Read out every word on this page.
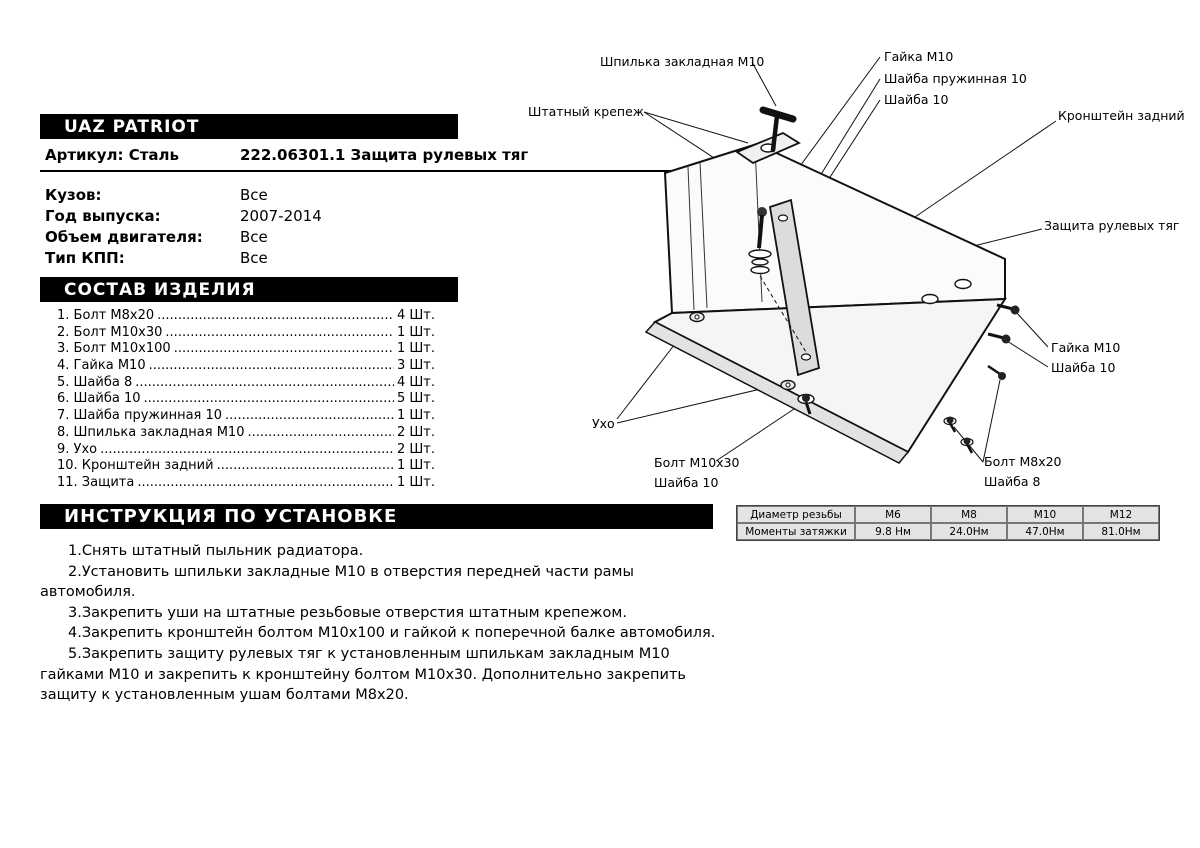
UAZ PATRIOT
Артикул: Сталь	222.06301.1 Защита рулевых тяг
Кузов:	Все
Год выпуска:	2007-2014
Объем двигателя: Все
Тип КПП:	Все
СОСТАВ ИЗДЕЛИЯ
1. Болт M8x20 .....	4 Шт.
2. Болт M10x30 .....	1 Шт.
3. Болт M10x100 .....	1 Шт.
4. Гайка M10 .....	3 Шт.
5. Шайба 8 .....	4 Шт.
6. Шайба 10 .....	5 Шт.
7. Шайба пружинная 10 .....	1 Шт.
8. Шпилька закладная M10 .....	2 Шт.
9. Ухо .....	2 Шт.
10. Кронштейн задний .....	1 Шт.
11. Защита .....	1 Шт.
ИНСТРУКЦИЯ ПО УСТАНОВКЕ

1.Снять штатный пыльник радиатора.

2.Установить шпильки закладные M10 в отверстия передней части рамы автомобиля.

3.Закрепить уши на штатные резьбовые отверстия штатным крепежом.

4.Закрепить кронштейн болтом M10x100 и гайкой к поперечной балке автомобиля.

5.Закрепить защиту рулевых тяг к установленным шпилькам закладным M10 гайками M10 и закрепить к кронштейну болтом M10x30. Дополнительно закрепить защиту к установленным ушам болтами M8x20.

Шпилька закладная M10	Гайка M10
Шайба пружинная 10
Шайба 10
Штатный крепеж	Кронштейн задний
Защита рулевых тяг
Гайка M10
Шайба 10
Ухо
Болт M10x30
Шайба 10
Болт M8x20
Шайба 8
Диаметр резьбы	М6	М8	М10	М12
Моменты затяжки	9.8 Нм	24.0Нм	47.0Нм	81.0Нм
